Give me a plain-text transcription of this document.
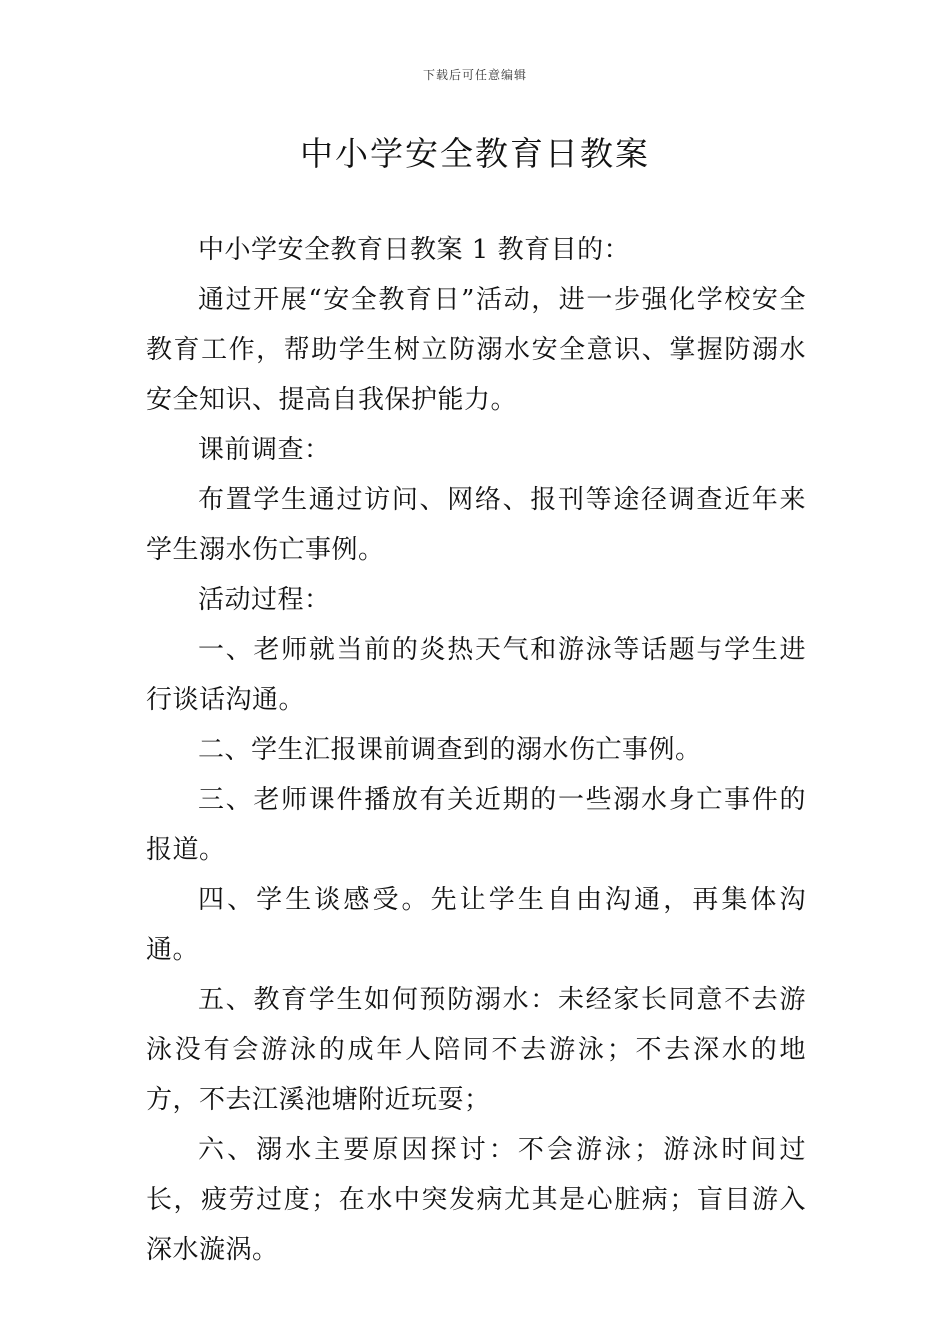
下载后可任意编辑
中小学安全教育日教案

中小学安全教育日教案 1 教育目的：

通过开展“安全教育日”活动，进一步强化学校安全教育工作，帮助学生树立防溺水安全意识、掌握防溺水安全知识、提高自我保护能力。

课前调查：

布置学生通过访问、网络、报刊等途径调查近年来学生溺水伤亡事例。

活动过程：

一、老师就当前的炎热天气和游泳等话题与学生进行谈话沟通。

二、学生汇报课前调查到的溺水伤亡事例。

三、老师课件播放有关近期的一些溺水身亡事件的报道。

四、学生谈感受。先让学生自由沟通，再集体沟通。

五、教育学生如何预防溺水：未经家长同意不去游泳没有会游泳的成年人陪同不去游泳；不去深水的地方，不去江溪池塘附近玩耍；

六、溺水主要原因探讨：不会游泳；游泳时间过长，疲劳过度；在水中突发病尤其是心脏病；盲目游入深水漩涡。
